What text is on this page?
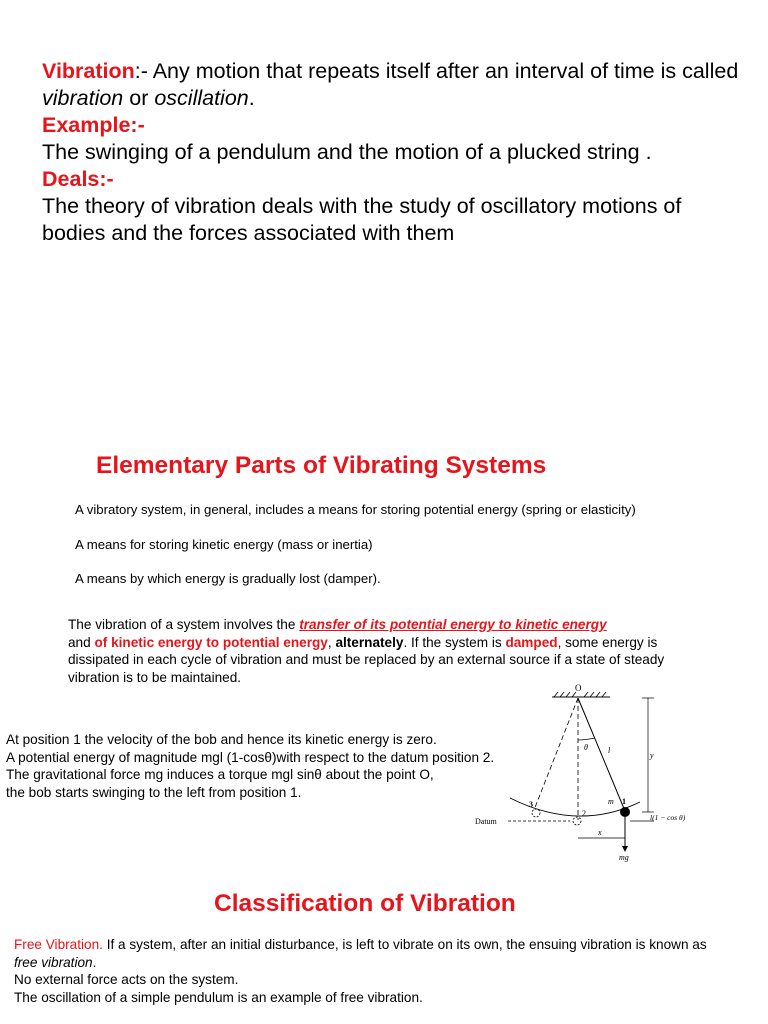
Vibration:- Any motion that repeats itself after an interval of time is called vibration or oscillation.

Example:-

The swinging of a pendulum and the motion of a plucked string .

Deals:-

The theory of vibration deals with the study of oscillatory motions of bodies and the forces associated with them

Elementary Parts of Vibrating Systems
A vibratory system, in general, includes a means for storing potential energy (spring or elasticity)
A means for storing kinetic energy (mass or inertia)
A means by which energy is gradually lost (damper).
The vibration of a system involves the transfer of its potential energy to kinetic energy
and of kinetic energy to potential energy, alternately. If the system is damped, some energy is dissipated in each cycle of vibration and must be replaced by an external source if a state of steady vibration is to be maintained.
At position 1 the velocity of the bob and hence its kinetic energy is zero.
A potential energy of magnitude mgl (1-cosθ)with respect to the datum position 2.
The gravitational force mg induces a torque mgl sinθ about the point O,
the bob starts swinging to the left from position 1.
O
θ	l
1
2
3	m
Datum
y
l(1 − cos θ)
x
mg
Classification of Vibration
Free Vibration. If a system, after an initial disturbance, is left to vibrate on its own, the ensuing vibration is known as free vibration.
No external force acts on the system.
The oscillation of a simple pendulum is an example of free vibration.
